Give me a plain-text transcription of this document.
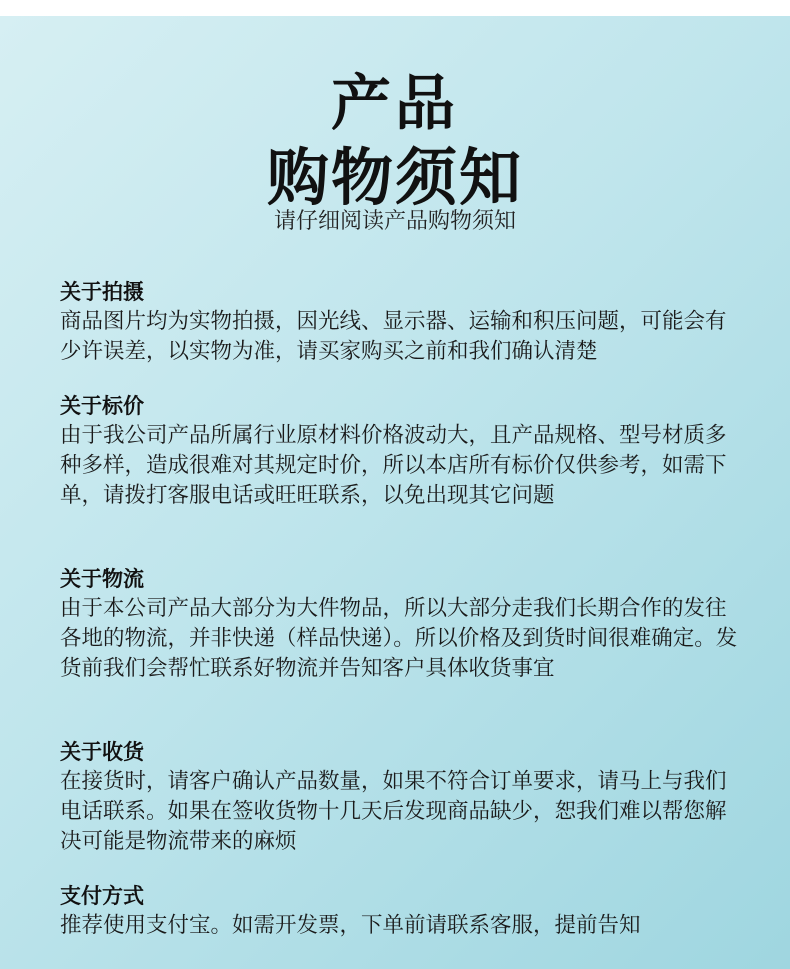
产品
购物须知
请仔细阅读产品购物须知
关于拍摄

商品图片均为实物拍摄，因光线、显示器、运输和积压问题，可能会有少许误差，以实物为准，请买家购买之前和我们确认清楚

关于标价

由于我公司产品所属行业原材料价格波动大，且产品规格、型号材质多种多样，造成很难对其规定时价，所以本店所有标价仅供参考，如需下单，请拨打客服电话或旺旺联系，以免出现其它问题

关于物流

由于本公司产品大部分为大件物品，所以大部分走我们长期合作的发往各地的物流，并非快递（样品快递）。所以价格及到货时间很难确定。发货前我们会帮忙联系好物流并告知客户具体收货事宜

关于收货

在接货时，请客户确认产品数量，如果不符合订单要求，请马上与我们电话联系。如果在签收货物十几天后发现商品缺少，恕我们难以帮您解决可能是物流带来的麻烦

支付方式

推荐使用支付宝。如需开发票，下单前请联系客服，提前告知
